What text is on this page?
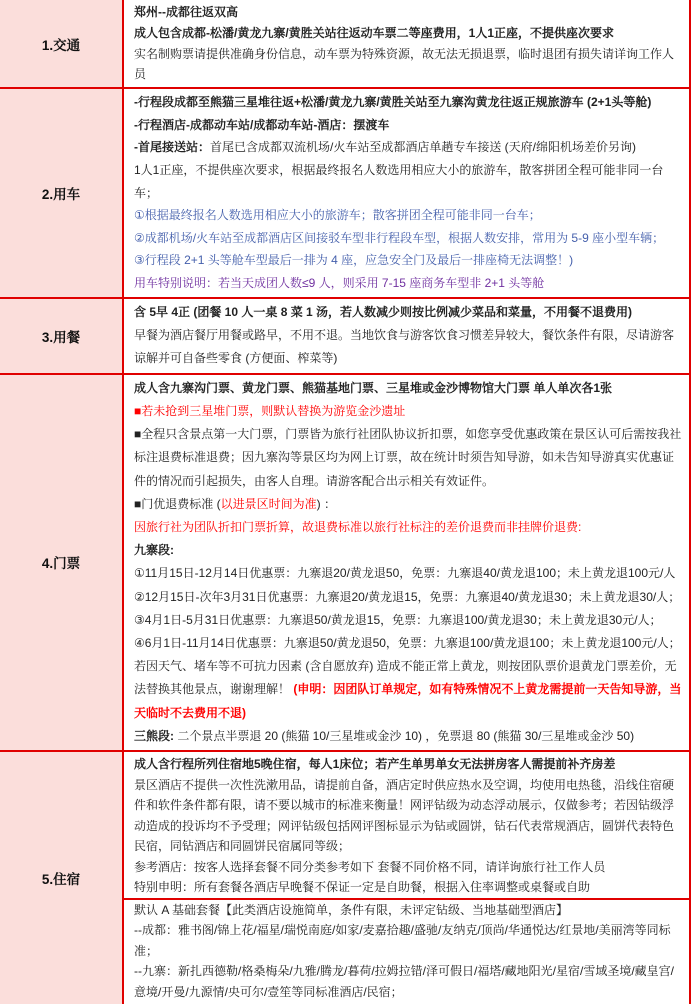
1.交通
郑州--成都往返双高
成人包含成都-松潘/黄龙九寨/黄胜关站往返动车票二等座费用，1人1正座，不提供座次要求
实名制购票请提供准确身份信息，动车票为特殊资源，故无法无损退票，临时退团有损失请详询工作人员
2.用车
-行程段成都至熊猫三星堆往返+松潘/黄龙九寨/黄胜关站至九寨沟黄龙往返正规旅游车 (2+1头等舱)
-行程酒店-成都动车站/成都动车站-酒店：摆渡车
-首尾接送站：首尾已含成都双流机场/火车站至成都酒店单趟专车接送 (天府/绵阳机场差价另询)
1人1正座，不提供座次要求，根据最终报名人数选用相应大小的旅游车，散客拼团全程可能非同一台车；
①根据最终报名人数选用相应大小的旅游车；散客拼团全程可能非同一台车；
②成都机场/火车站至成都酒店区间接驳车型非行程段车型，根据人数安排，常用为 5-9 座小型车辆；
③行程段 2+1 头等舱车型最后一排为 4 座，应急安全门及最后一排座椅无法调整！)
用车特别说明：若当天成团人数≤9 人，则采用 7-15 座商务车型非 2+1 头等舱
3.用餐
含 5早 4正 (团餐 10 人一桌 8 菜 1 汤，若人数减少则按比例减少菜品和菜量，不用餐不退费用)
早餐为酒店餐厅用餐或路早，不用不退。当地饮食与游客饮食习惯差异较大，餐饮条件有限，尽请游客谅解并可自备些零食 (方便面、榨菜等)
4.门票
成人含九寨沟门票、黄龙门票、熊猫基地门票、三星堆或金沙博物馆大门票 单人单次各1张
■若未抢到三星堆门票，则默认替换为游览金沙遗址
■全程只含景点第一大门票，门票皆为旅行社团队协议折扣票，如您享受优惠政策在景区认可后需按我社标注退费标准退费；因九寨沟等景区均为网上订票，故在统计时须告知导游，如未告知导游真实优惠证件的情况而引起损失，由客人自理。请游客配合出示相关有效证件。
■门优退费标准 (以进景区时间为准) ：
因旅行社为团队折扣门票折算，故退费标准以旅行社标注的差价退费而非挂牌价退费:
九寨段:
①11月15日-12月14日优惠票：九寨退20/黄龙退50，免票：九寨退40/黄龙退100；未上黄龙退100元/人
②12月15日-次年3月31日优惠票：九寨退20/黄龙退15，免票：九寨退40/黄龙退30；未上黄龙退30/人；
③4月1日-5月31日优惠票：九寨退50/黄龙退15，免票：九寨退100/黄龙退30；未上黄龙退30元/人；
④6月1日-11月14日优惠票：九寨退50/黄龙退50，免票：九寨退100/黄龙退100；未上黄龙退100元/人；
若因天气、堵车等不可抗力因素 (含自愿放弃) 造成不能正常上黄龙，则按团队票价退黄龙门票差价，无法替换其他景点，谢谢理解！ (申明：因团队订单规定，如有特殊情况不上黄龙需提前一天告知导游，当天临时不去费用不退)
三熊段: 二个景点半票退 20 (熊猫 10/三星堆或金沙 10) ，免票退 80 (熊猫 30/三星堆或金沙 50)
5.住宿
成人含行程所列住宿地5晚住宿，每人1床位；若产生单男单女无法拼房客人需提前补齐房差
景区酒店不提供一次性洗漱用品，请提前自备，酒店定时供应热水及空调，均使用电热毯，沿线住宿硬件和软件条件都有限，请不要以城市的标准来衡量！网评钻级为动态浮动展示，仅做参考；若因钻级浮动造成的投诉均不予受理；网评钻级包括网评图标显示为钻或圆饼，钻石代表常规酒店，圆饼代表特色民宿，同钻酒店和同圆饼民宿属同等级；
参考酒店：按客人选择套餐不同分类参考如下 套餐不同价格不同，请详询旅行社工作人员
特别申明：所有套餐各酒店早晚餐不保证一定是自助餐，根据入住率调整或桌餐或自助
默认 A 基础套餐【此类酒店设施简单，条件有限，未评定钻级、当地基础型酒店】
--成都：雅书阁/锦上花/福星/瑞悦南庭/如家/麦嘉拾趣/盛驰/友纳克/顶尚/华通悦达/红景地/美丽湾等同标准；
--九寨：新扎西德勒/格桑梅朵/九雅/腾龙/暮荷/拉姆拉错/泽可假日/福塔/藏地阳光/星宿/雪域圣境/藏皇宫/意境/开曼/九源情/央可尔/壹笙等同标准酒店/民宿；
